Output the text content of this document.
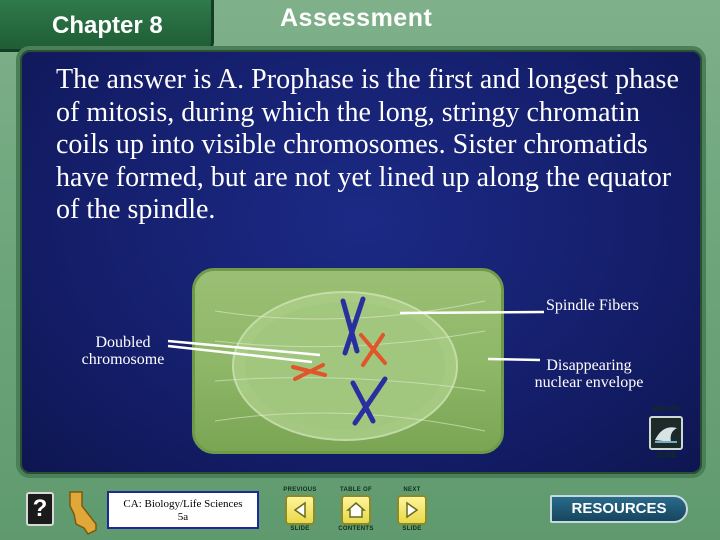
Chapter 8	Assessment
The answer is A. Prophase is the first and longest phase of mitosis, during which the long, stringy chromatin coils up into visible chromosomes. Sister chromatids have formed, but are not yet lined up along the equator of the spindle.
Spindle Fibers
Doubled
chromosome	Disappearing
nuclear envelope
END OF
SLIDE
?	CA: Biology/Life Sciences
5a
PREVIOUS
SLIDE
TABLE OF
CONTENTS
NEXT
SLIDE
RESOURCES
